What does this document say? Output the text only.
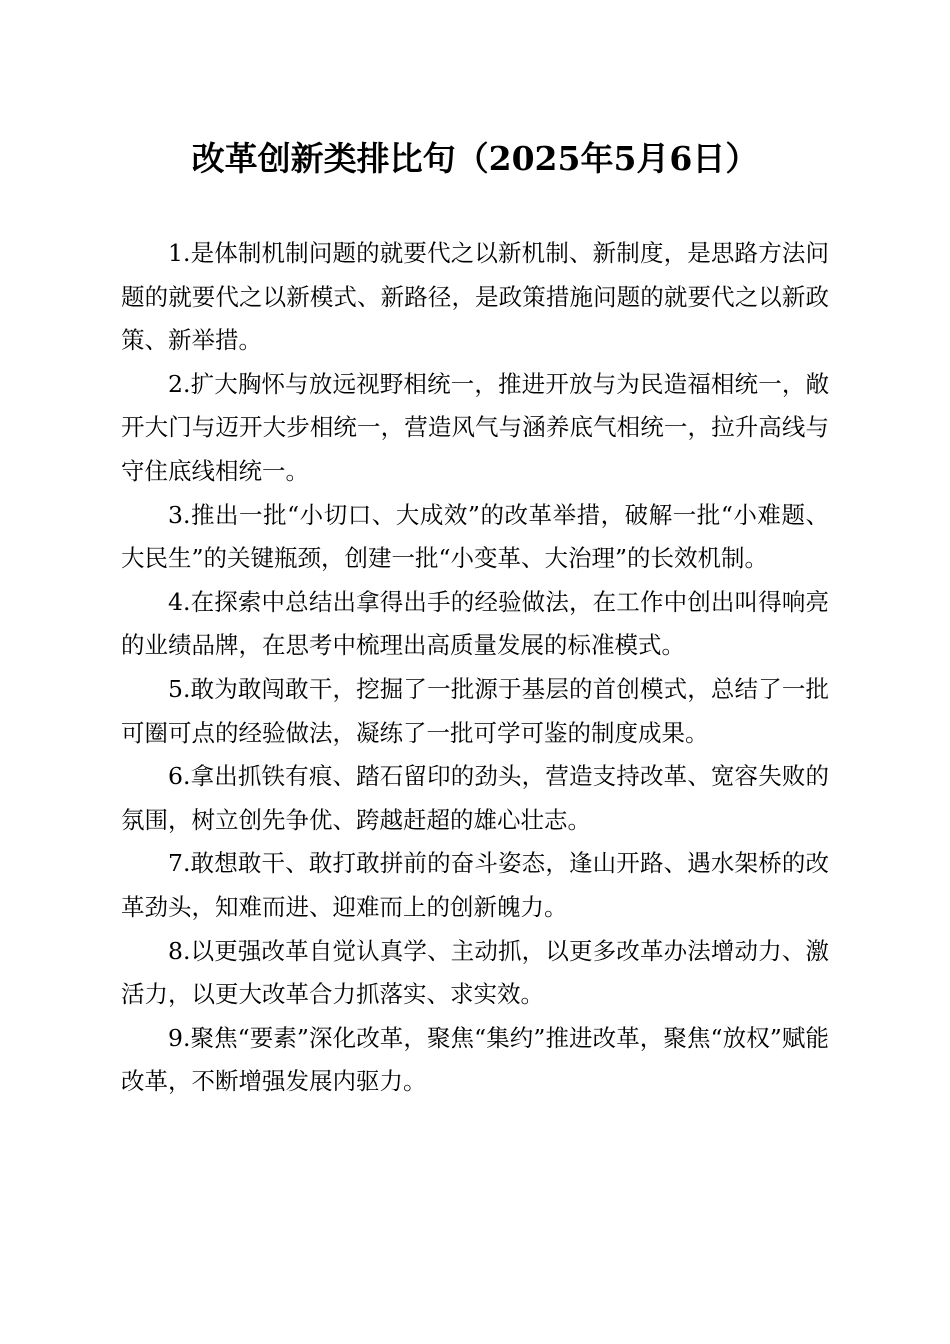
改革创新类排比句（2025年5月6日）

1.是体制机制问题的就要代之以新机制、新制度，是思路方法问题的就要代之以新模式、新路径，是政策措施问题的就要代之以新政策、新举措。

2.扩大胸怀与放远视野相统一，推进开放与为民造福相统一，敞开大门与迈开大步相统一，营造风气与涵养底气相统一，拉升高线与守住底线相统一。

3.推出一批“小切口、大成效”的改革举措，破解一批“小难题、大民生”的关键瓶颈，创建一批“小变革、大治理”的长效机制。

4.在探索中总结出拿得出手的经验做法，在工作中创出叫得响亮的业绩品牌，在思考中梳理出高质量发展的标准模式。

5.敢为敢闯敢干，挖掘了一批源于基层的首创模式，总结了一批可圈可点的经验做法，凝练了一批可学可鉴的制度成果。

6.拿出抓铁有痕、踏石留印的劲头，营造支持改革、宽容失败的氛围，树立创先争优、跨越赶超的雄心壮志。

7.敢想敢干、敢打敢拼前的奋斗姿态，逢山开路、遇水架桥的改革劲头，知难而进、迎难而上的创新魄力。

8.以更强改革自觉认真学、主动抓，以更多改革办法增动力、激活力，以更大改革合力抓落实、求实效。

9.聚焦“要素”深化改革，聚焦“集约”推进改革，聚焦“放权”赋能改革，不断增强发展内驱力。
